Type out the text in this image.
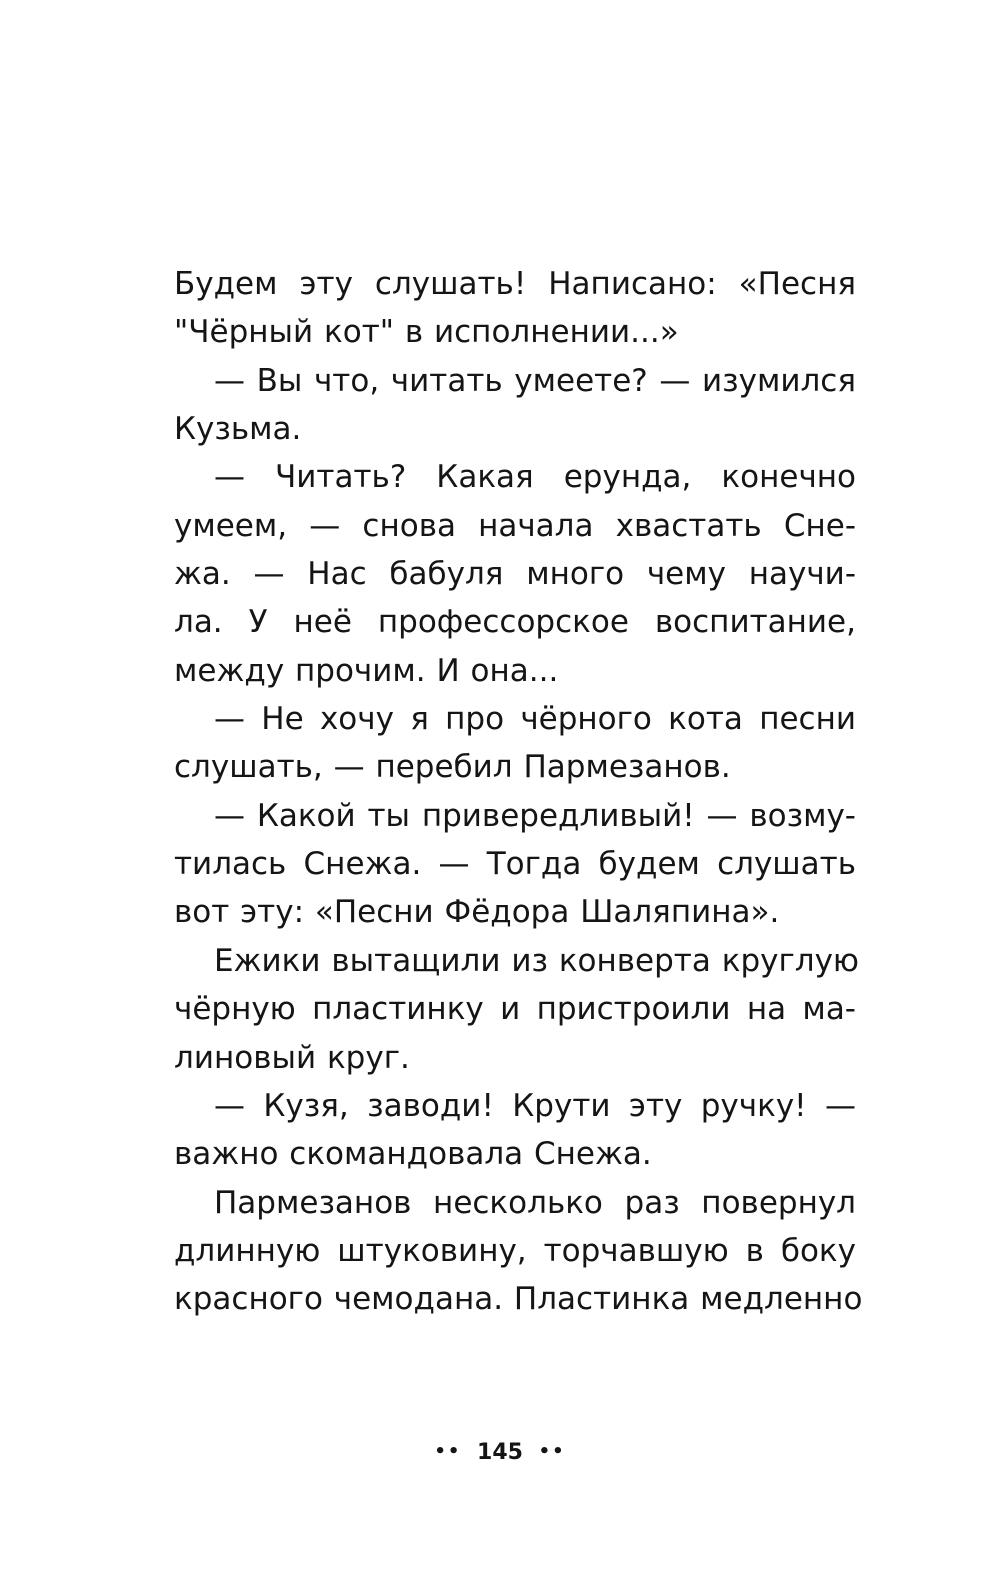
Будем эту слушать! Написано: «Песня
"Чёрный кот" в исполнении...»
— Вы что, читать умеете? — изумился
Кузьма.
— Читать? Какая ерунда, конечно
умеем, — снова начала хвастать Сне-
жа. — Нас бабуля много чему научи-
ла. У неё профессорское воспитание,
между прочим. И она...
— Не хочу я про чёрного кота песни
слушать, — перебил Пармезанов.
— Какой ты привередливый! — возму-
тилась Снежа. — Тогда будем слушать
вот эту: «Песни Фёдора Шаляпина».
Ежики вытащили из конверта круглую
чёрную пластинку и пристроили на ма-
линовый круг.
— Кузя, заводи! Крути эту ручку! —
важно скомандовала Снежа.
Пармезанов несколько раз повернул
длинную штуковину, торчавшую в боку
красного чемодана. Пластинка медленно
•• 145 ••
